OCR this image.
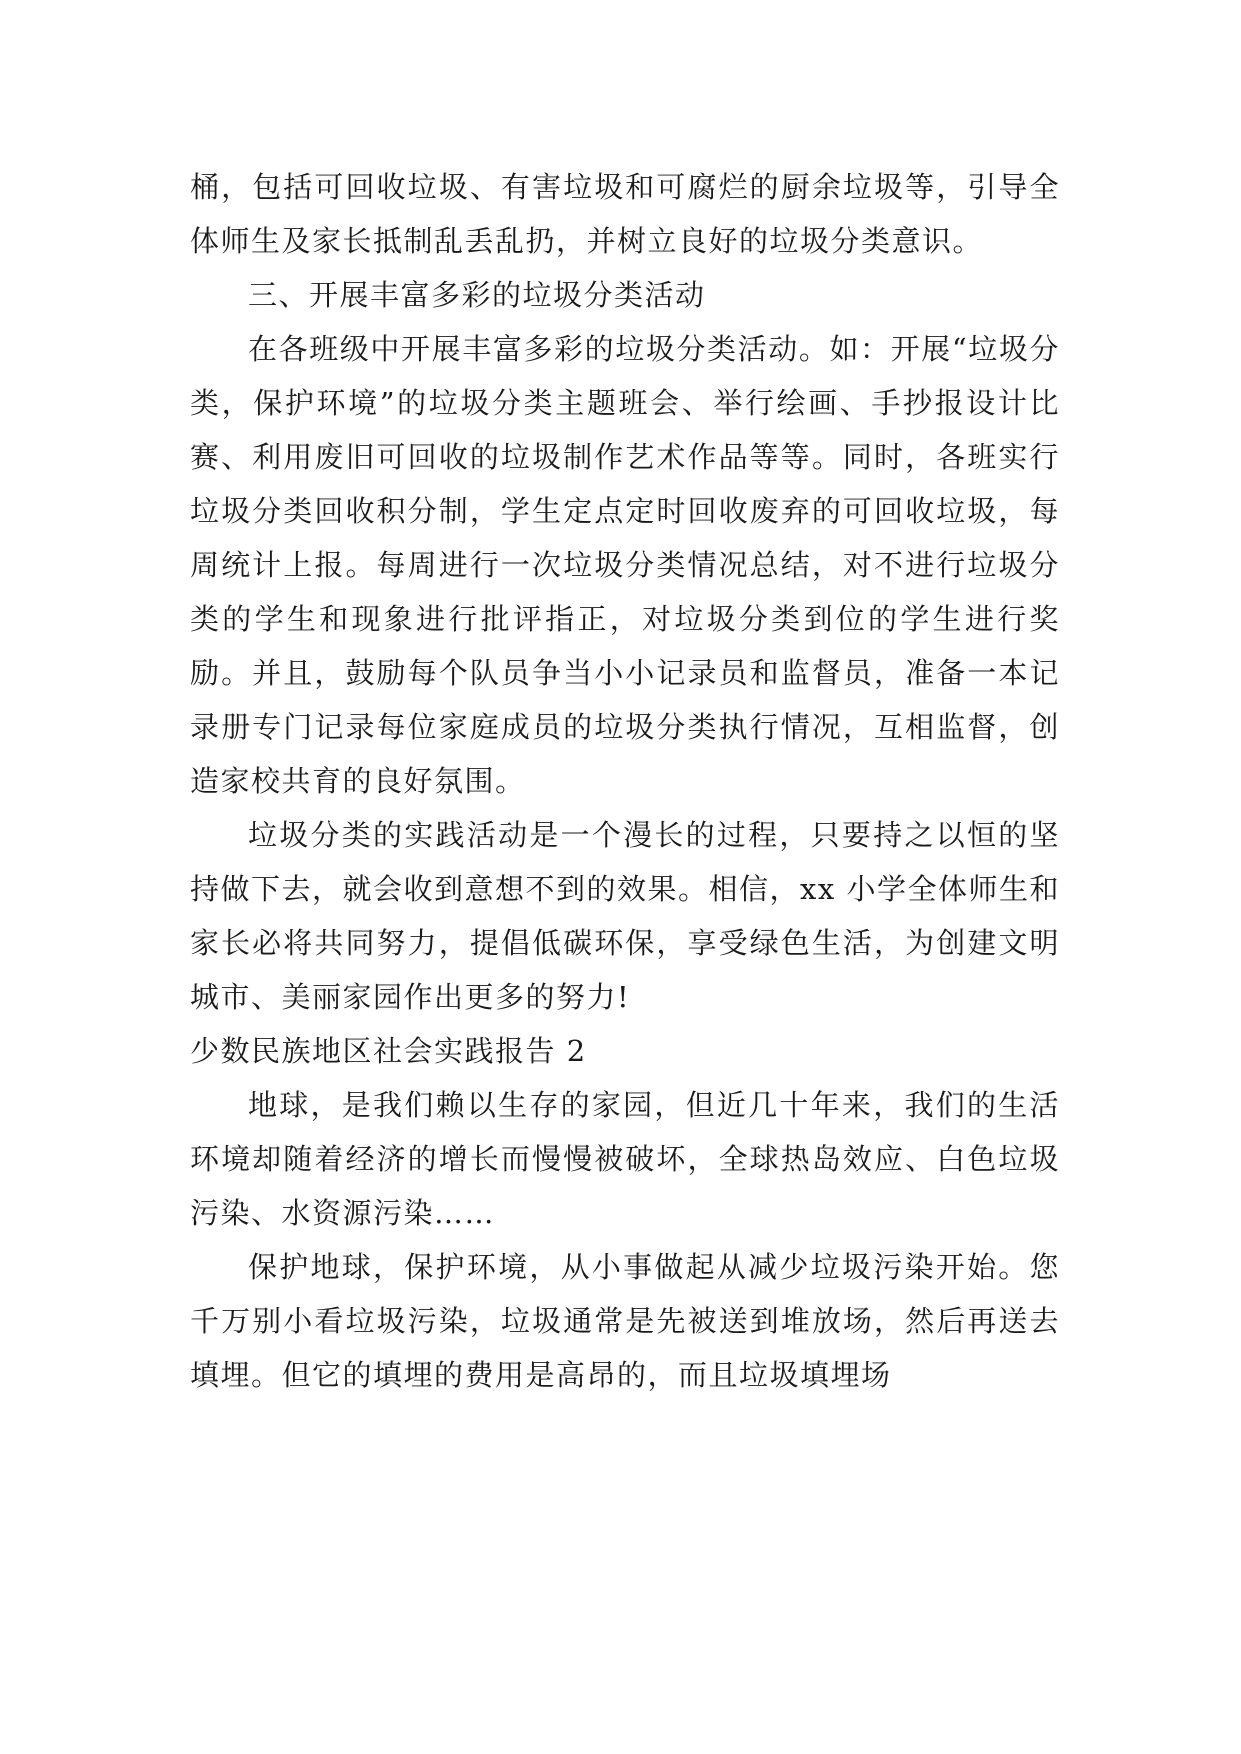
桶，包括可回收垃圾、有害垃圾和可腐烂的厨余垃圾等，引导全体师生及家长抵制乱丢乱扔，并树立良好的垃圾分类意识。

三、开展丰富多彩的垃圾分类活动

在各班级中开展丰富多彩的垃圾分类活动。如：开展“垃圾分类，保护环境”的垃圾分类主题班会、举行绘画、手抄报设计比赛、利用废旧可回收的垃圾制作艺术作品等等。同时，各班实行垃圾分类回收积分制，学生定点定时回收废弃的可回收垃圾，每周统计上报。每周进行一次垃圾分类情况总结，对不进行垃圾分类的学生和现象进行批评指正，对垃圾分类到位的学生进行奖励。并且，鼓励每个队员争当小小记录员和监督员，准备一本记录册专门记录每位家庭成员的垃圾分类执行情况，互相监督，创造家校共育的良好氛围。

垃圾分类的实践活动是一个漫长的过程，只要持之以恒的坚持做下去，就会收到意想不到的效果。相信，xx 小学全体师生和家长必将共同努力，提倡低碳环保，享受绿色生活，为创建文明城市、美丽家园作出更多的努力!

少数民族地区社会实践报告 2

地球，是我们赖以生存的家园，但近几十年来，我们的生活环境却随着经济的增长而慢慢被破坏，全球热岛效应、白色垃圾污染、水资源污染……

保护地球，保护环境，从小事做起从减少垃圾污染开始。您千万别小看垃圾污染，垃圾通常是先被送到堆放场，然后再送去填埋。但它的填埋的费用是高昂的，而且垃圾填埋场
